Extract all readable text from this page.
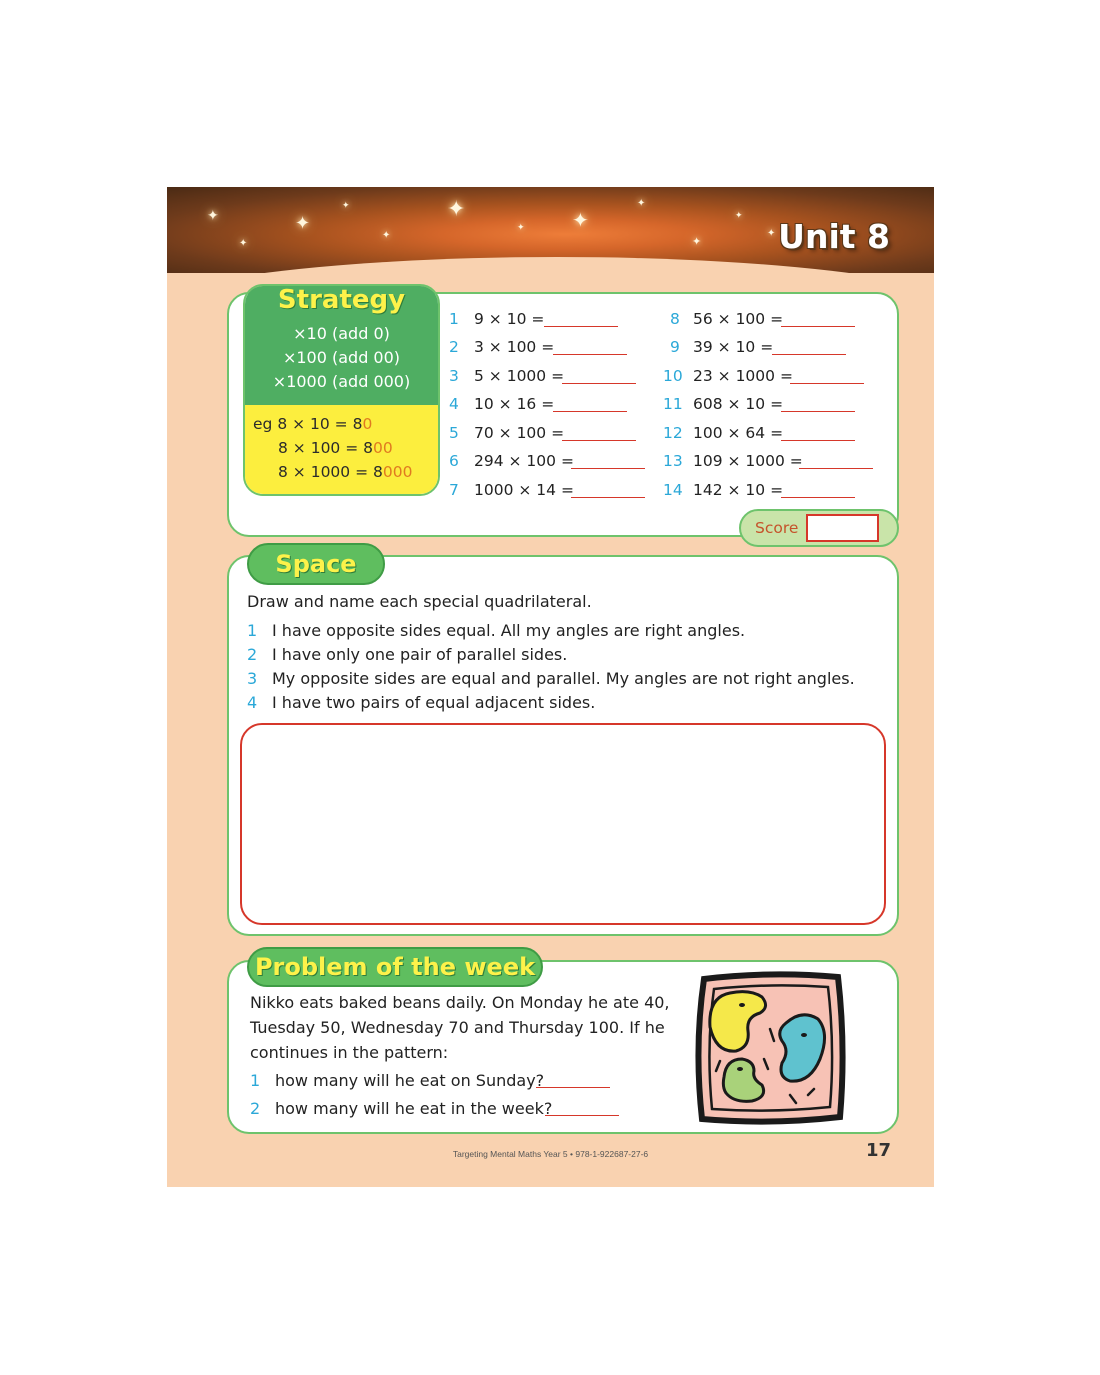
✦
✦
✦
✦
✦
✦
✦ ✦
✦
✦
✦
✦ Unit 8
Strategy
×10 (add 0)
×100 (add 00)
×1000 (add 000)
eg 8 × 10 = 80
8 × 100 = 800
8 × 1000 = 8000
1 9 × 10 =
2 3 × 100 =
3 5 × 1000 =
4 10 × 16 =
5 70 × 100 =
6 294 × 100 =
7 1000 × 14 =
8 56 × 100 =
9 39 × 10 =
10 23 × 1000 =
11 608 × 10 =
12 100 × 64 =
13 109 × 1000 =
14 142 × 10 =
Score
Space
Draw and name each special quadrilateral.
1 I have opposite sides equal. All my angles are right angles.
2 I have only one pair of parallel sides.
3 My opposite sides are equal and parallel. My angles are not right angles.
4 I have two pairs of equal adjacent sides.
Problem of the week
Nikko eats baked beans daily. On Monday he ate 40,
Tuesday 50, Wednesday 70 and Thursday 100. If he
continues in the pattern:
1 how many will he eat on Sunday?
2 how many will he eat in the week?
Targeting Mental Maths Year 5 • 978-1-922687-27-6	17
